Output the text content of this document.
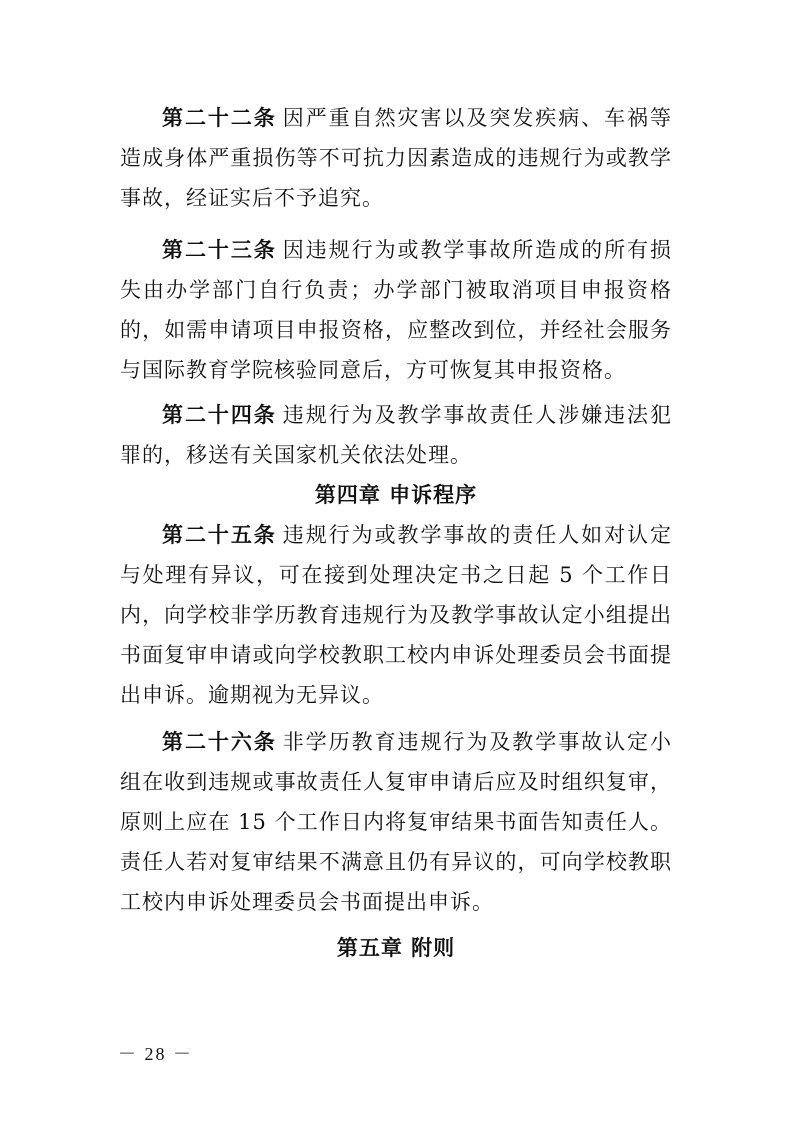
第二十二条 因严重自然灾害以及突发疾病、车祸等造成身体严重损伤等不可抗力因素造成的违规行为或教学事故，经证实后不予追究。

第二十三条 因违规行为或教学事故所造成的所有损失由办学部门自行负责；办学部门被取消项目申报资格的，如需申请项目申报资格，应整改到位，并经社会服务与国际教育学院核验同意后，方可恢复其申报资格。

第二十四条 违规行为及教学事故责任人涉嫌违法犯罪的，移送有关国家机关依法处理。

第四章 申诉程序

第二十五条 违规行为或教学事故的责任人如对认定与处理有异议，可在接到处理决定书之日起 5 个工作日内，向学校非学历教育违规行为及教学事故认定小组提出书面复审申请或向学校教职工校内申诉处理委员会书面提出申诉。逾期视为无异议。

第二十六条 非学历教育违规行为及教学事故认定小组在收到违规或事故责任人复审申请后应及时组织复审，原则上应在 15 个工作日内将复审结果书面告知责任人。责任人若对复审结果不满意且仍有异议的，可向学校教职工校内申诉处理委员会书面提出申诉。

第五章 附则
－ 28 －
